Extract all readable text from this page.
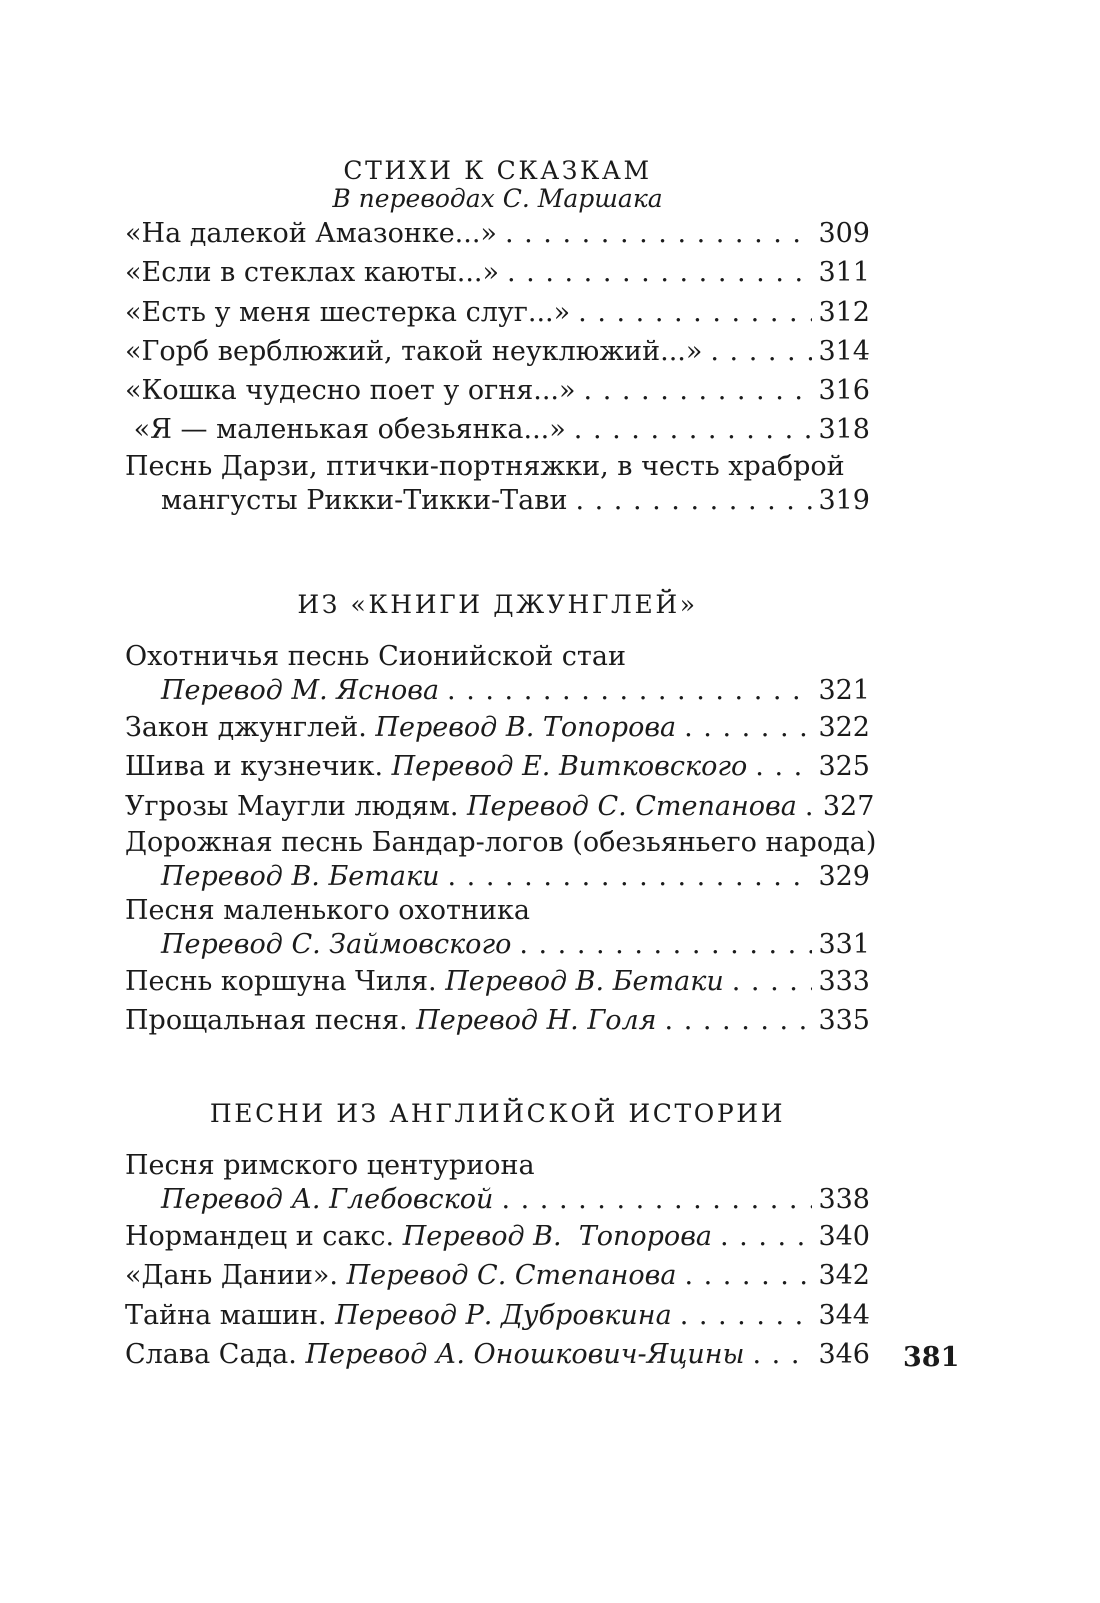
СТИХИ К СКАЗКАМ
В переводах С. Маршака
«На далекой Амазонке...» . . .	309
«Если в стеклах каюты...» . . .	311
«Есть у меня шестерка слуг...» . . .	312
«Горб верблюжий, такой неуклюжий...» . . .	314
«Кошка чудесно поет у огня...» . . .	316
«Я — маленькая обезьянка...» . . .	318
Песнь Дарзи, птички-портняжки, в честь храброй
мангусты Рикки-Тикки-Тави . . .	319
ИЗ «КНИГИ ДЖУНГЛЕЙ»
Охотничья песнь Сионийской стаи
Перевод М. Яснова . . .	321
Закон джунглей. Перевод В. Топорова . . .	322
Шива и кузнечик. Перевод Е. Витковского . . .	325
Угрозы Маугли людям. Перевод С. Степанова . . . 327
Дорожная песнь Бандар-логов (обезьяньего народа)
Перевод В. Бетаки . . .	329
Песня маленького охотника
Перевод С. Займовского . . .	331
Песнь коршуна Чиля. Перевод В. Бетаки . . .	333
Прощальная песня. Перевод Н. Голя . . .	335
ПЕСНИ ИЗ АНГЛИЙСКОЙ ИСТОРИИ
Песня римского центуриона
Перевод А. Глебовской . . .	338
Нормандец и сакс. Перевод В.  Топорова . . .	340
«Дань Дании». Перевод С. Степанова . . .	342
Тайна машин. Перевод Р. Дубровкина . . .	344
Слава Сада. Перевод А. Оношкович-Яцины . . .	346 381
